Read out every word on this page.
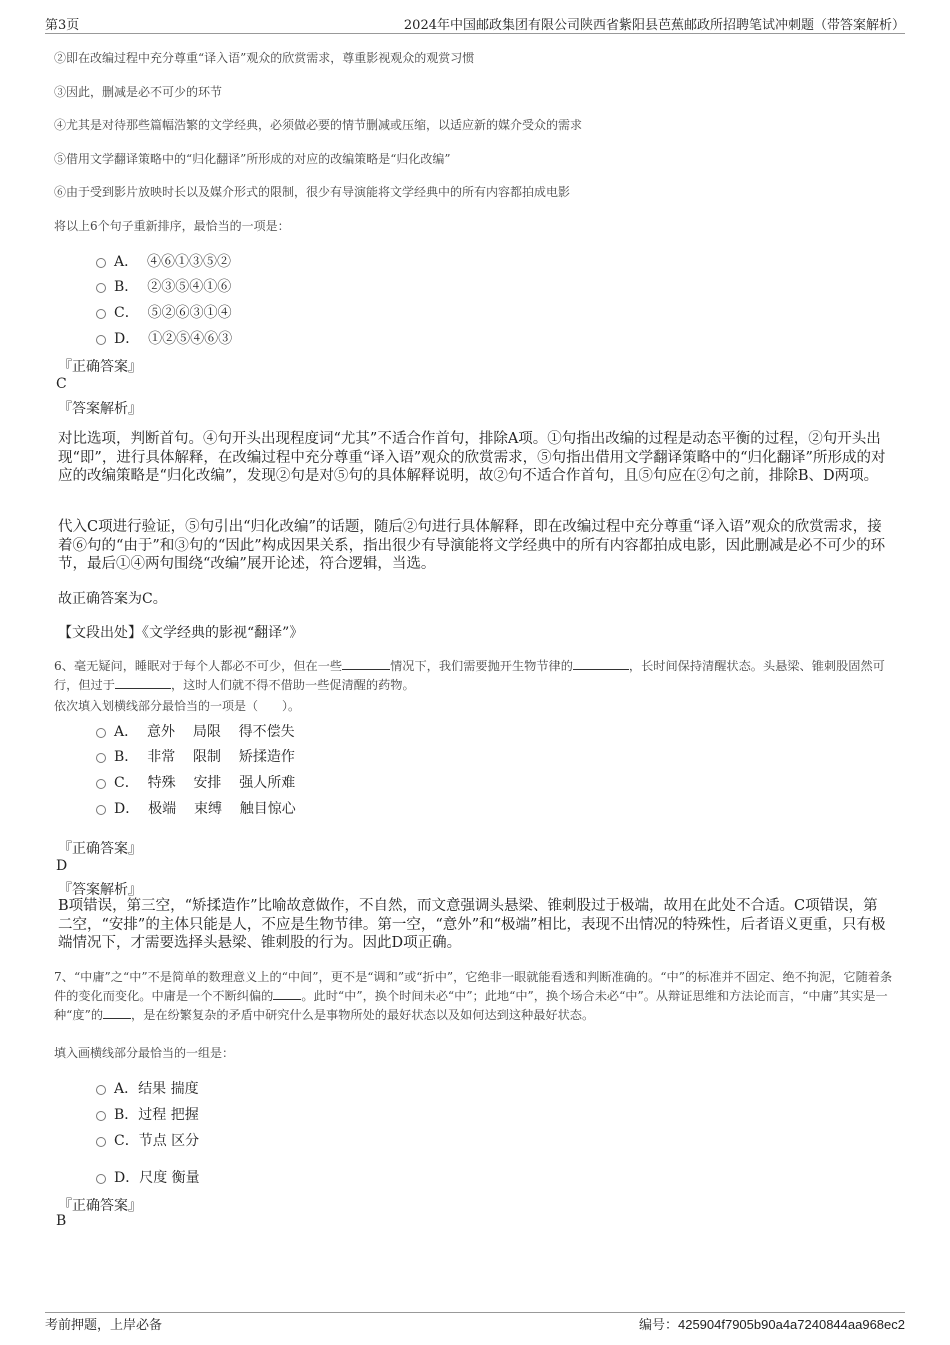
第3页	2024年中国邮政集团有限公司陕西省紫阳县芭蕉邮政所招聘笔试冲刺题（带答案解析）
②即在改编过程中充分尊重“译入语”观众的欣赏需求，尊重影视观众的观赏习惯
③因此，删减是必不可少的环节
④尤其是对待那些篇幅浩繁的文学经典，必须做必要的情节删减或压缩，以适应新的媒介受众的需求
⑤借用文学翻译策略中的“归化翻译”所形成的对应的改编策略是“归化改编”
⑥由于受到影片放映时长以及媒介形式的限制，很少有导演能将文学经典中的所有内容都拍成电影
将以上6个句子重新排序，最恰当的一项是：
A． ④⑥①③⑤②
B． ②③⑤④①⑥
C． ⑤②⑥③①④
D． ①②⑤④⑥③
『正确答案』
C
『答案解析』
对比选项，判断首句。④句开头出现程度词“尤其”不适合作首句，排除A项。①句指出改编的过程是动态平衡的过程，②句开头出现“即”，进行具体解释，在改编过程中充分尊重“译入语”观众的欣赏需求，⑤句指出借用文学翻译策略中的“归化翻译”所形成的对应的改编策略是“归化改编”，发现②句是对⑤句的具体解释说明，故②句不适合作首句，且⑤句应在②句之前，排除B、D两项。
代入C项进行验证，⑤句引出“归化改编”的话题，随后②句进行具体解释，即在改编过程中充分尊重“译入语”观众的欣赏需求，接着⑥句的“由于”和③句的“因此”构成因果关系，指出很少有导演能将文学经典中的所有内容都拍成电影，因此删减是必不可少的环节，最后①④两句围绕“改编”展开论述，符合逻辑，当选。
故正确答案为C。
【文段出处】《文学经典的影视“翻译”》
6、毫无疑问，睡眠对于每个人都必不可少，但在一些	情况下，我们需要抛开生物节律的	，长时间保持清醒状态。头悬梁、锥刺股固然可行，但过于	，这时人们就不得不借助一些促清醒的药物。
依次填入划横线部分最恰当的一项是（　　）。
A． 意外 局限 得不偿失
B． 非常 限制 矫揉造作
C． 特殊 安排 强人所难
D． 极端 束缚 触目惊心
『正确答案』
D
『答案解析』
B项错误，第三空，“矫揉造作”比喻故意做作，不自然，而文意强调头悬梁、锥刺股过于极端，故用在此处不合适。C项错误，第二空，“安排”的主体只能是人，不应是生物节律。第一空，“意外”和“极端”相比，表现不出情况的特殊性，后者语义更重，只有极端情况下，才需要选择头悬梁、锥刺股的行为。因此D项正确。
7、“中庸”之“中”不是简单的数理意义上的“中间”，更不是“调和”或“折中”，它绝非一眼就能看透和判断准确的。“中”的标准并不固定、绝不拘泥，它随着条件的变化而变化。中庸是一个不断纠偏的 。此时“中”，换个时间未必“中”；此地“中”，换个场合未必“中”。从辩证思维和方法论而言，“中庸”其实是一种“度”的 ，是在纷繁复杂的矛盾中研究什么是事物所处的最好状态以及如何达到这种最好状态。
填入画横线部分最恰当的一组是：
A．结果 揣度
B．过程 把握
C．节点 区分
D．尺度 衡量
『正确答案』
B
考前押题，上岸必备	编号：425904f7905b90a4a7240844aa968ec2
